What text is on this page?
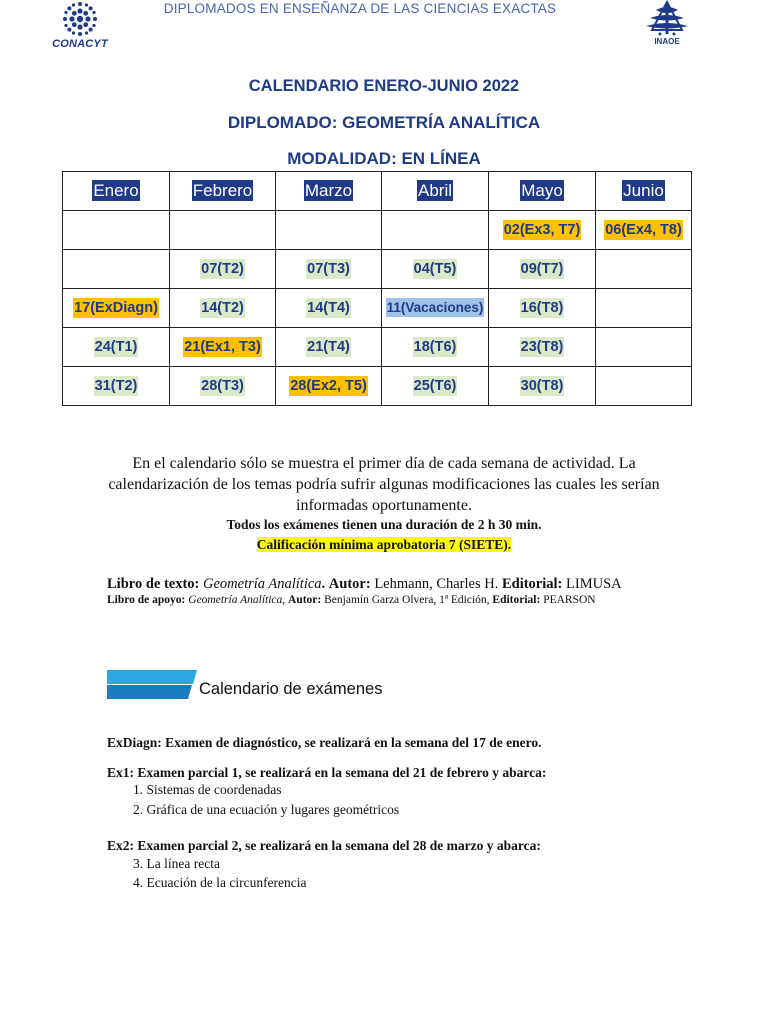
CONACYT
DIPLOMADOS EN ENSEÑANZA DE LAS CIENCIAS EXACTAS
INAOE
CALENDARIO ENERO-JUNIO 2022
DIPLOMADO: GEOMETRÍA ANALÍTICA
MODALIDAD: EN LÍNEA
Enero	Febrero	Marzo	Abril	Mayo	Junio
				02(Ex3, T7)	06(Ex4, T8)
	07(T2)	07(T3)	04(T5)	09(T7)	
17(ExDiagn)	14(T2)	14(T4)	11(Vacaciones)	16(T8)	
24(T1)	21(Ex1, T3)	21(T4)	18(T6)	23(T8)	
31(T2)	28(T3)	28(Ex2, T5)	25(T6)	30(T8)	
En el calendario sólo se muestra el primer día de cada semana de actividad. La calendarización de los temas podría sufrir algunas modificaciones las cuales les serían informadas oportunamente.
Todos los exámenes tienen una duración de 2 h 30 min.
Calificación mínima aprobatoria 7 (SIETE).
Libro de texto: Geometría Analítica. Autor: Lehmann, Charles H. Editorial: LIMUSA
Libro de apoyo: Geometría Analítica, Autor: Benjamín Garza Olvera, 1ª Edición, Editorial: PEARSON
Calendario de exámenes
ExDiagn: Examen de diagnóstico, se realizará en la semana del 17 de enero.
Ex1: Examen parcial 1, se realizará en la semana del 21 de febrero y abarca:
1. Sistemas de coordenadas
2. Gráfica de una ecuación y lugares geométricos
Ex2: Examen parcial 2, se realizará en la semana del 28 de marzo y abarca:
3. La línea recta
4. Ecuación de la circunferencia
